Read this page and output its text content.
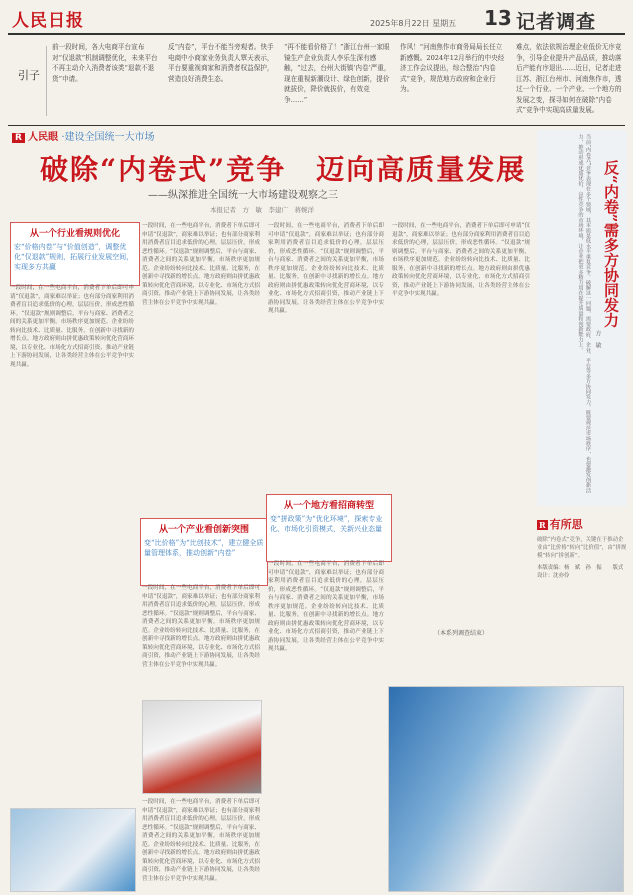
人民日报	2025年8月22日 星期五 13 记者调查
引子
前一段时间，各大电商平台宣布对“仅退款”机制调整优化，未来平台不再主动介入消费者该类“退款不退货”申请。
反“内卷”，平台不能当旁观者。快手电商中小商家业务负责人覃天表示，平台要重视商家和消费者权益保护，营造良好消费生态。
“再不能看价格了！”浙江台州一家眼镜生产企业负责人李乐生深有感触，“过去，台州大街镇‘内卷’严重，现在重视新潮设计、绿色创新，提价就拔价，降价就拔价，有效竞争……”
作风！”河南焦作市商务局局长任立新感慨。2024年12月举行的中央经济工作会议提出，综合整治“内卷式”竞争，规范地方政府和企业行为。
难点，依法依规治理企业低价无序竞争，引导企业提升产品品质，推动落后产能有序退出……近日，记者走进江苏、浙江台州市、河南焦作市，透过一个行业、一个产业、一个地方的发展之变，探寻如何在破除“内卷式”竞争中实现高质量发展。
R 人民眼 ·建设全国统一大市场
破除“内卷式”竞争　迈向高质量发展
——纵深推进全国统一大市场建设观察之三
本报记者　方　敏　李建广　蒋婉洋
从一个行业看规则优化
宏“价格内卷”与“价值创造”，调整优化“仅退款”规则，拓展行业发展空间，实现多方共赢
一段时间，在一些电商平台，消费者下单后即可申请“仅退款”，商家难以举证；也有部分商家利用消费者盲目追求低价的心理，层层压价，形成恶性循环。“仅退款”规则调整后，平台与商家、消费者之间的关系更加平衡，市场秩序更加规范。企业纷纷转向比技术、比质量、比服务，在创新中寻找新的增长点。地方政府则由拼优惠政策转向优化营商环境，以专业化、市场化方式招商引资，推动产业链上下游协同发展，让各类经营主体在公平竞争中实现共赢。
一段时间，在一些电商平台，消费者下单后即可申请“仅退款”，商家难以举证；也有部分商家利用消费者盲目追求低价的心理，层层压价，形成恶性循环。“仅退款”规则调整后，平台与商家、消费者之间的关系更加平衡，市场秩序更加规范。企业纷纷转向比技术、比质量、比服务，在创新中寻找新的增长点。地方政府则由拼优惠政策转向优化营商环境，以专业化、市场化方式招商引资，推动产业链上下游协同发展，让各类经营主体在公平竞争中实现共赢。
从一个产业看创新突围
变“比价格”为“比创技术”，建立健全质量管理体系，推动创新“内卷”
一段时间，在一些电商平台，消费者下单后即可申请“仅退款”，商家难以举证；也有部分商家利用消费者盲目追求低价的心理，层层压价，形成恶性循环。“仅退款”规则调整后，平台与商家、消费者之间的关系更加平衡，市场秩序更加规范。企业纷纷转向比技术、比质量、比服务，在创新中寻找新的增长点。地方政府则由拼优惠政策转向优化营商环境，以专业化、市场化方式招商引资，推动产业链上下游协同发展，让各类经营主体在公平竞争中实现共赢。
一段时间，在一些电商平台，消费者下单后即可申请“仅退款”，商家难以举证；也有部分商家利用消费者盲目追求低价的心理，层层压价，形成恶性循环。“仅退款”规则调整后，平台与商家、消费者之间的关系更加平衡，市场秩序更加规范。企业纷纷转向比技术、比质量、比服务，在创新中寻找新的增长点。地方政府则由拼优惠政策转向优化营商环境，以专业化、市场化方式招商引资，推动产业链上下游协同发展，让各类经营主体在公平竞争中实现共赢。
一段时间，在一些电商平台，消费者下单后即可申请“仅退款”，商家难以举证；也有部分商家利用消费者盲目追求低价的心理，层层压价，形成恶性循环。“仅退款”规则调整后，平台与商家、消费者之间的关系更加平衡，市场秩序更加规范。企业纷纷转向比技术、比质量、比服务，在创新中寻找新的增长点。地方政府则由拼优惠政策转向优化营商环境，以专业化、市场化方式招商引资，推动产业链上下游协同发展，让各类经营主体在公平竞争中实现共赢。
从一个地方看招商转型
变“拼政策”为“优化环境”，探索专业化、市场化引资模式，关新兴业态量
一段时间，在一些电商平台，消费者下单后即可申请“仅退款”，商家难以举证；也有部分商家利用消费者盲目追求低价的心理，层层压价，形成恶性循环。“仅退款”规则调整后，平台与商家、消费者之间的关系更加平衡，市场秩序更加规范。企业纷纷转向比技术、比质量、比服务，在创新中寻找新的增长点。地方政府则由拼优惠政策转向优化营商环境，以专业化、市场化方式招商引资，推动产业链上下游协同发展，让各类经营主体在公平竞争中实现共赢。
一段时间，在一些电商平台，消费者下单后即可申请“仅退款”，商家难以举证；也有部分商家利用消费者盲目追求低价的心理，层层压价，形成恶性循环。“仅退款”规则调整后，平台与商家、消费者之间的关系更加平衡，市场秩序更加规范。企业纷纷转向比技术、比质量、比服务，在创新中寻找新的增长点。地方政府则由拼优惠政策转向优化营商环境，以专业化、市场化方式招商引资，推动产业链上下游协同发展，让各类经营主体在公平竞争中实现共赢。
（本系列调查结束）
当前“内卷式”竞争表现在多个领域，其本质是低水平重复竞争。破解这一问题，需要政府、企业、平台等多方协同发力，既要规范市场秩序，也要激发创新活力，推动形成优质优价、良性竞争的市场环境，让企业把更多精力用在提升质量和创新能力上。	反“内卷”需多方协同发力
方　敏
R 有所思
破除“内卷式”竞争，关键在于推动企业由“比价格”转向“比价值”，由“拼规模”转向“拼创新”。
本版责编：杨　斌　孙　振　　版式设计：沈亦伶
